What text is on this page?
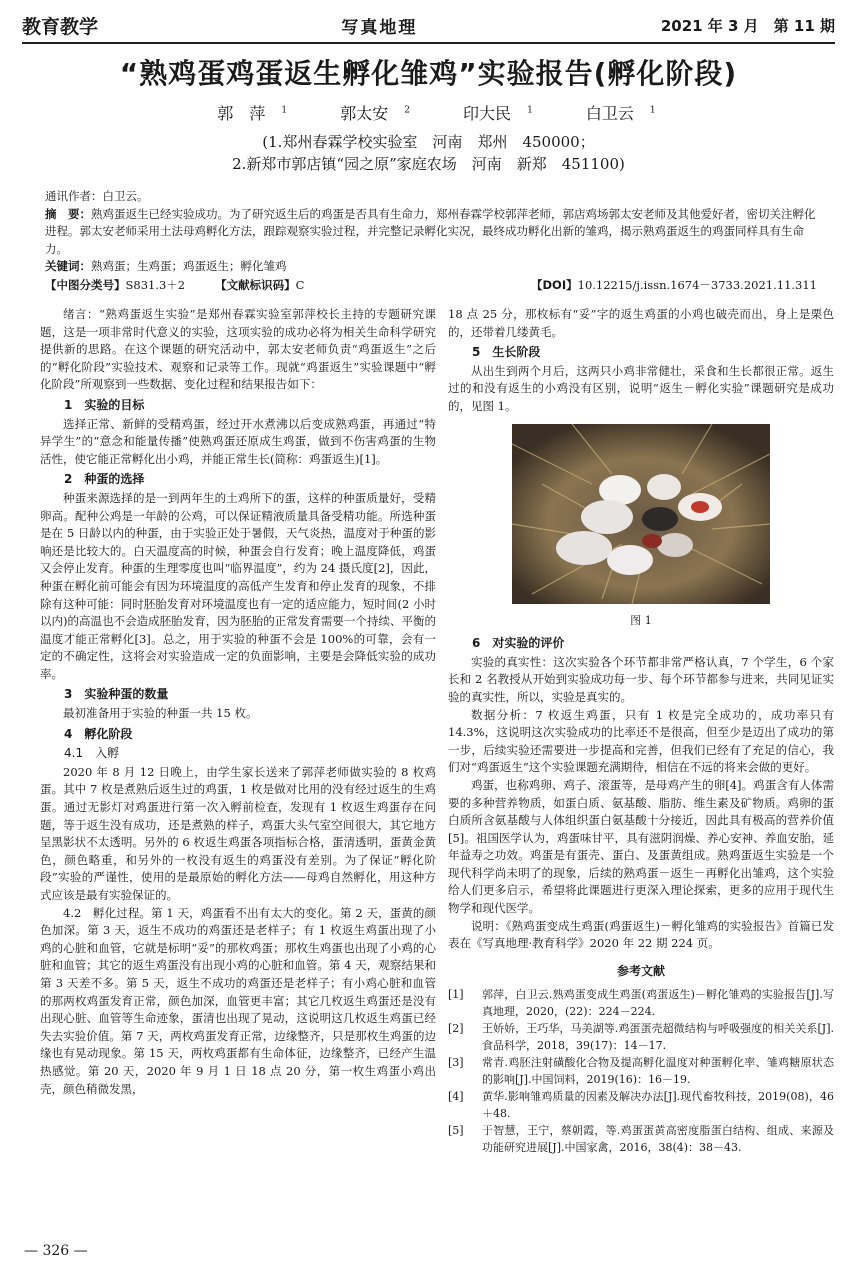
教育教学	写真地理	2021 年 3 月　第 11 期
“熟鸡蛋鸡蛋返生孵化雏鸡”实验报告(孵化阶段)
郭　萍 $^1$	郭太安 $^2$	印大民 $^1$	白卫云 $^1$
(1.郑州春霖学校实验室　河南　郑州　450000；
2.新郑市郭店镇“园之原”家庭农场　河南　新郑　451100)

通讯作者：白卫云。

摘　要：熟鸡蛋返生已经实验成功。为了研究返生后的鸡蛋是否具有生命力，郑州春霖学校郭萍老师，郭店鸡场郭太安老师及其他爱好者，密切关注孵化进程。郭太安老师采用土法母鸡孵化方法，跟踪观察实验过程，并完整记录孵化实况，最终成功孵化出新的雏鸡，揭示熟鸡蛋返生的鸡蛋同样具有生命力。

关键词：熟鸡蛋；生鸡蛋；鸡蛋返生；孵化雏鸡

【中图分类号】S831.3＋2	【文献标识码】C	【DOI】10.12215/j.issn.1674－3733.2021.11.311

绪言：“熟鸡蛋返生实验”是郑州春霖实验室郭萍校长主持的专题研究课题，这是一项非常时代意义的实验，这项实验的成功必将为相关生命科学研究提供新的思路。在这个课题的研究活动中，郭太安老师负责“鸡蛋返生”之后的“孵化阶段”实验技术、观察和记录等工作。现就“鸡蛋返生”实验课题中“孵化阶段”所观察到一些数据、变化过程和结果报告如下：

1　实验的目标

选择正常、新鲜的受精鸡蛋，经过开水煮沸以后变成熟鸡蛋，再通过“特异学生”的“意念和能量传播”使熟鸡蛋还原成生鸡蛋，做到不伤害鸡蛋的生物活性，使它能正常孵化出小鸡，并能正常生长(简称：鸡蛋返生)[1]。

2　种蛋的选择

种蛋来源选择的是一到两年生的土鸡所下的蛋，这样的种蛋质量好，受精卵高。配种公鸡是一年龄的公鸡，可以保证精液质量具备受精功能。所选种蛋是在 5 日龄以内的种蛋，由于实验正处于暑假，天气炎热，温度对于种蛋的影响还是比较大的。白天温度高的时候，种蛋会自行发育；晚上温度降低，鸡蛋又会停止发育。种蛋的生理零度也叫“临界温度”，约为 24 摄氏度[2]，因此，种蛋在孵化前可能会有因为环境温度的高低产生发育和停止发育的现象，不排除有这种可能：同时胚胎发育对环境温度也有一定的适应能力，短时间(2 小时以内)的高温也不会造成胚胎发育，因为胚胎的正常发育需要一个持续、平衡的温度才能正常孵化[3]。总之，用于实验的种蛋不会是 100%的可靠，会有一定的不确定性，这将会对实验造成一定的负面影响，主要是会降低实验的成功率。

3　实验种蛋的数量

最初准备用于实验的种蛋一共 15 枚。

4　孵化阶段
4.1　入孵

2020 年 8 月 12 日晚上，由学生家长送来了郭萍老师做实验的 8 枚鸡蛋。其中 7 枚是煮熟后返生过的鸡蛋，1 枚是做对比用的没有经过返生的生鸡蛋。通过无影灯对鸡蛋进行第一次入孵前检查，发现有 1 枚返生鸡蛋存在问题，等于返生没有成功，还是煮熟的样子，鸡蛋大头气室空间很大，其它地方呈黑影状不太透明。另外的 6 枚返生鸡蛋各项指标合格，蛋清透明，蛋黄金黄色，颜色略重，和另外的一枚没有返生的鸡蛋没有差别。为了保证“孵化阶段”实验的严谨性，使用的是最原始的孵化方法——母鸡自然孵化，用这种方式应该是最有实验保证的。

4.2　孵化过程。第 1 天，鸡蛋看不出有太大的变化。第 2 天，蛋黄的颜色加深。第 3 天，返生不成功的鸡蛋还是老样子；有 1 枚返生鸡蛋出现了小鸡的心脏和血管，它就是标明“妥”的那枚鸡蛋；那枚生鸡蛋也出现了小鸡的心脏和血管；其它的返生鸡蛋没有出现小鸡的心脏和血管。第 4 天，观察结果和第 3 天差不多。第 5 天，返生不成功的鸡蛋还是老样子；有小鸡心脏和血管的那两枚鸡蛋发育正常，颜色加深，血管更丰富；其它几枚返生鸡蛋还是没有出现心脏、血管等生命迹象，蛋清也出现了晃动，这说明这几枚返生鸡蛋已经失去实验价值。第 7 天，两枚鸡蛋发育正常，边缘整齐，只是那枚生鸡蛋的边缘也有晃动现象。第 15 天，两枚鸡蛋都有生命体征，边缘整齐，已经产生温热感觉。第 20 天，2020 年 9 月 1 日 18 点 20 分，第一枚生鸡蛋小鸡出壳，颜色稍微发黑，

18 点 25 分，那枚标有“妥”字的返生鸡蛋的小鸡也破壳而出，身上是栗色的，还带着几缕黄毛。

5　生长阶段

从出生到两个月后，这两只小鸡非常健壮，采食和生长都很正常。返生过的和没有返生的小鸡没有区别，说明“返生－孵化实验”课题研究是成功的，见图 1。

图 1
6　对实验的评价

实验的真实性：这次实验各个环节都非常严格认真，7 个学生，6 个家长和 2 名教授从开始到实验成功每一步、每个环节都参与进来，共同见证实验的真实性，所以，实验是真实的。

数据分析：7 枚返生鸡蛋，只有 1 枚是完全成功的，成功率只有 14.3%，这说明这次实验成功的比率还不是很高，但至少是迈出了成功的第一步，后续实验还需要进一步提高和完善，但我们已经有了充足的信心，我们对“鸡蛋返生”这个实验课题充满期待，相信在不远的将来会做的更好。

鸡蛋，也称鸡卵、鸡子、滚蛋等，是母鸡产生的卵[4]。鸡蛋含有人体需要的多种营养物质，如蛋白质、氨基酸、脂肪、维生素及矿物质。鸡卵的蛋白质所含氨基酸与人体组织蛋白氨基酸十分接近，因此具有极高的营养价值[5]。祖国医学认为，鸡蛋味甘平，具有滋阴润燥、养心安神、养血安胎，延年益寿之功效。鸡蛋是有蛋壳、蛋白、及蛋黄组成。熟鸡蛋返生实验是一个现代科学尚未明了的现象，后续的熟鸡蛋－返生－再孵化出雏鸡，这个实验给人们更多启示，希望将此课题进行更深入理论探索，更多的应用于现代生物学和现代医学。

说明：《熟鸡蛋变成生鸡蛋(鸡蛋返生)－孵化雏鸡的实验报告》首篇已发表在《写真地理·教育科学》2020 年 22 期 224 页。

参考文献
[1]	郭萍，白卫云.熟鸡蛋变成生鸡蛋(鸡蛋返生)－孵化雏鸡的实验报告[J].写真地理，2020，(22)：224－224.
[2]	王娇娇，王巧华，马美湖等.鸡蛋蛋壳超微结构与呼吸强度的相关关系[J].食品科学，2018，39(17)：14－17.
[3]	常青.鸡胚注射磺酸化合物及提高孵化温度对种蛋孵化率、雏鸡糖原状态的影响[J].中国饲料，2019(16)：16－19.
[4]	黄华.影响雏鸡质量的因素及解决办法[J].现代畜牧科技，2019(08)，46＋48.
[5]	于智慧，王宁，蔡朝霞，等.鸡蛋蛋黄高密度脂蛋白结构、组成、来源及功能研究进展[J].中国家禽，2016，38(4)：38－43.
— 326 —
